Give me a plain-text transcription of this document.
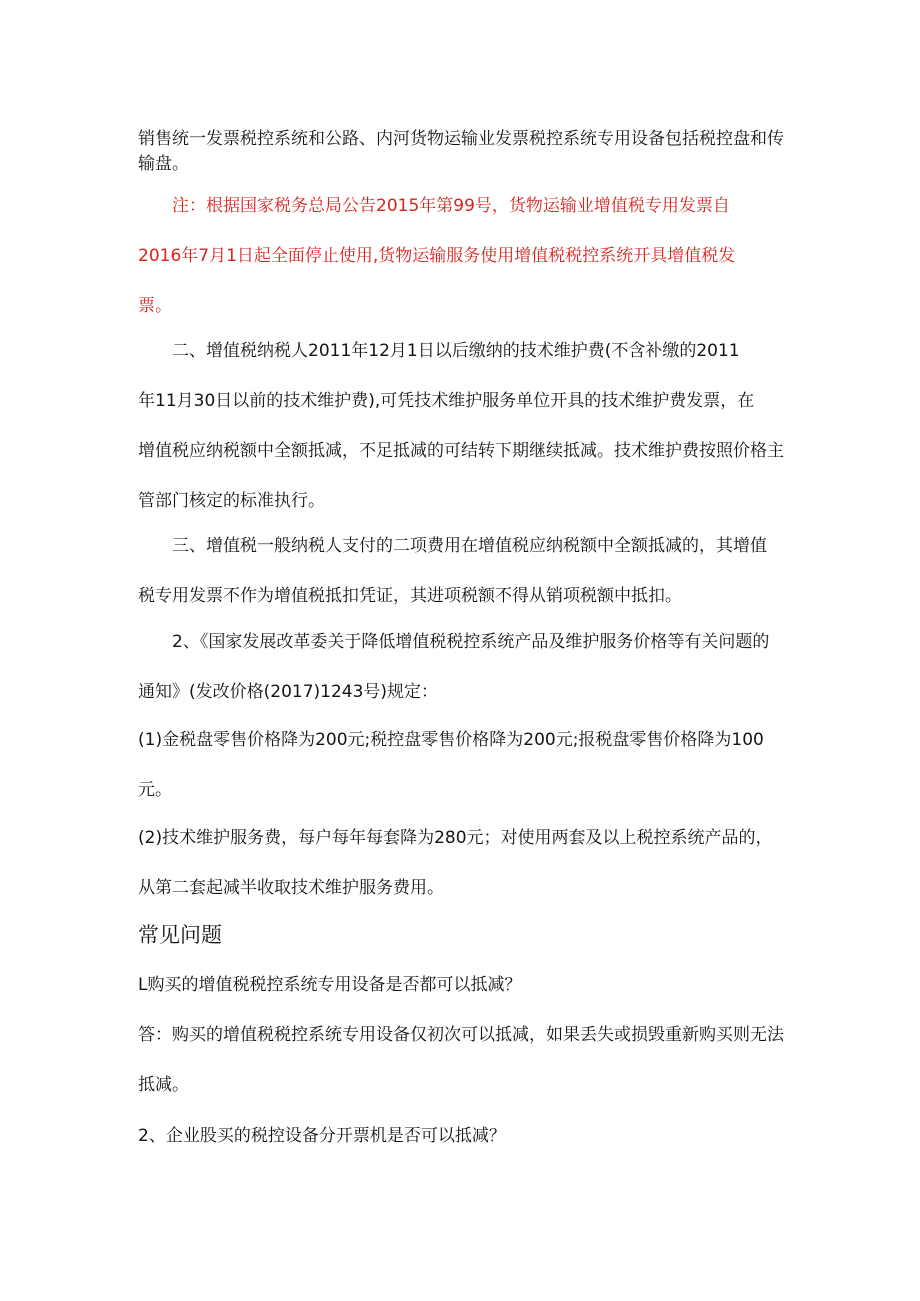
销售统一发票税控系统和公路、内河货物运输业发票税控系统专用设备包括税控盘和传
输盘。

注：根据国家税务总局公告2015年第99号，货物运输业增值税专用发票自
2016年7月1日起全面停止使用,货物运输服务使用增值税税控系统开具增值税发
票。
二、增值税纳税人2011年12月1日以后缴纳的技术维护费(不含补缴的2011
年11月30日以前的技术维护费),可凭技术维护服务单位开具的技术维护费发票，在
增值税应纳税额中全额抵减，不足抵减的可结转下期继续抵减。技术维护费按照价格主
管部门核定的标准执行。
三、增值税一般纳税人支付的二项费用在增值税应纳税额中全额抵减的，其增值
税专用发票不作为增值税抵扣凭证，其进项税额不得从销项税额中抵扣。
2、《国家发展改革委关于降低增值税税控系统产品及维护服务价格等有关问题的
通知》(发改价格(2017)1243号)规定：
(1)金税盘零售价格降为200元;税控盘零售价格降为200元;报税盘零售价格降为100
元。
(2)技术维护服务费，每户每年每套降为280元；对使用两套及以上税控系统产品的，
从第二套起减半收取技术维护服务费用。
常见问题
L购买的增值税税控系统专用设备是否都可以抵减？
答：购买的增值税税控系统专用设备仅初次可以抵减，如果丢失或损毁重新购买则无法
抵减。
2、企业股买的税控设备分开票机是否可以抵减？
